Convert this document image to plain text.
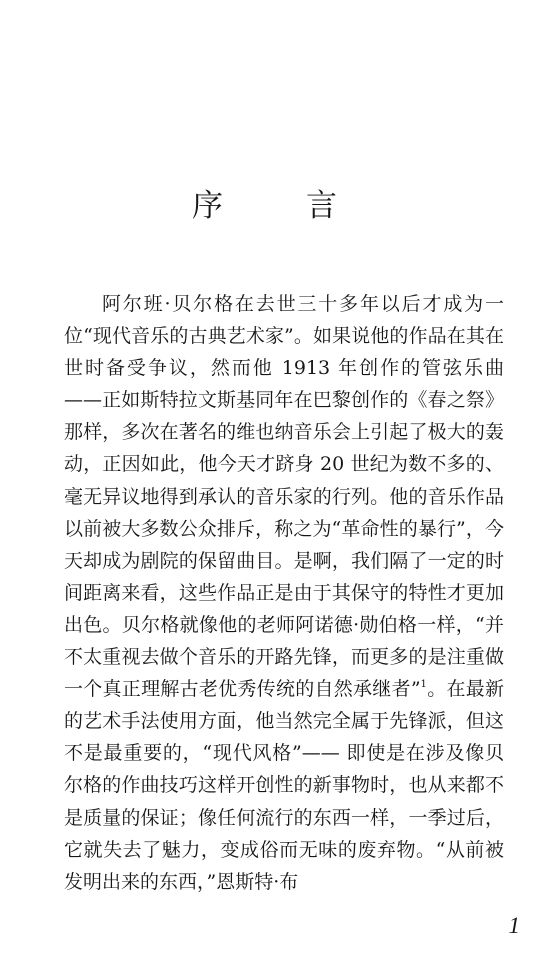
序	言

阿尔班·贝尔格在去世三十多年以后才成为一位“现代音乐的古典艺术家”。如果说他的作品在其在世时备受争议，然而他 1913 年创作的管弦乐曲——正如斯特拉文斯基同年在巴黎创作的《春之祭》那样，多次在著名的维也纳音乐会上引起了极大的轰动，正因如此，他今天才跻身 20 世纪为数不多的、毫无异议地得到承认的音乐家的行列。他的音乐作品以前被大多数公众排斥，称之为“革命性的暴行”，今天却成为剧院的保留曲目。是啊，我们隔了一定的时间距离来看，这些作品正是由于其保守的特性才更加出色。贝尔格就像他的老师阿诺德·勋伯格一样，“并不太重视去做个音乐的开路先锋，而更多的是注重做一个真正理解古老优秀传统的自然承继者”$^1$。在最新的艺术手法使用方面，他当然完全属于先锋派，但这不是最重要的，“现代风格”—— 即使是在涉及像贝尔格的作曲技巧这样开创性的新事物时，也从来都不是质量的保证；像任何流行的东西一样，一季过后，它就失去了魅力，变成俗而无味的废弃物。“从前被发明出来的东西，”恩斯特·布

1
